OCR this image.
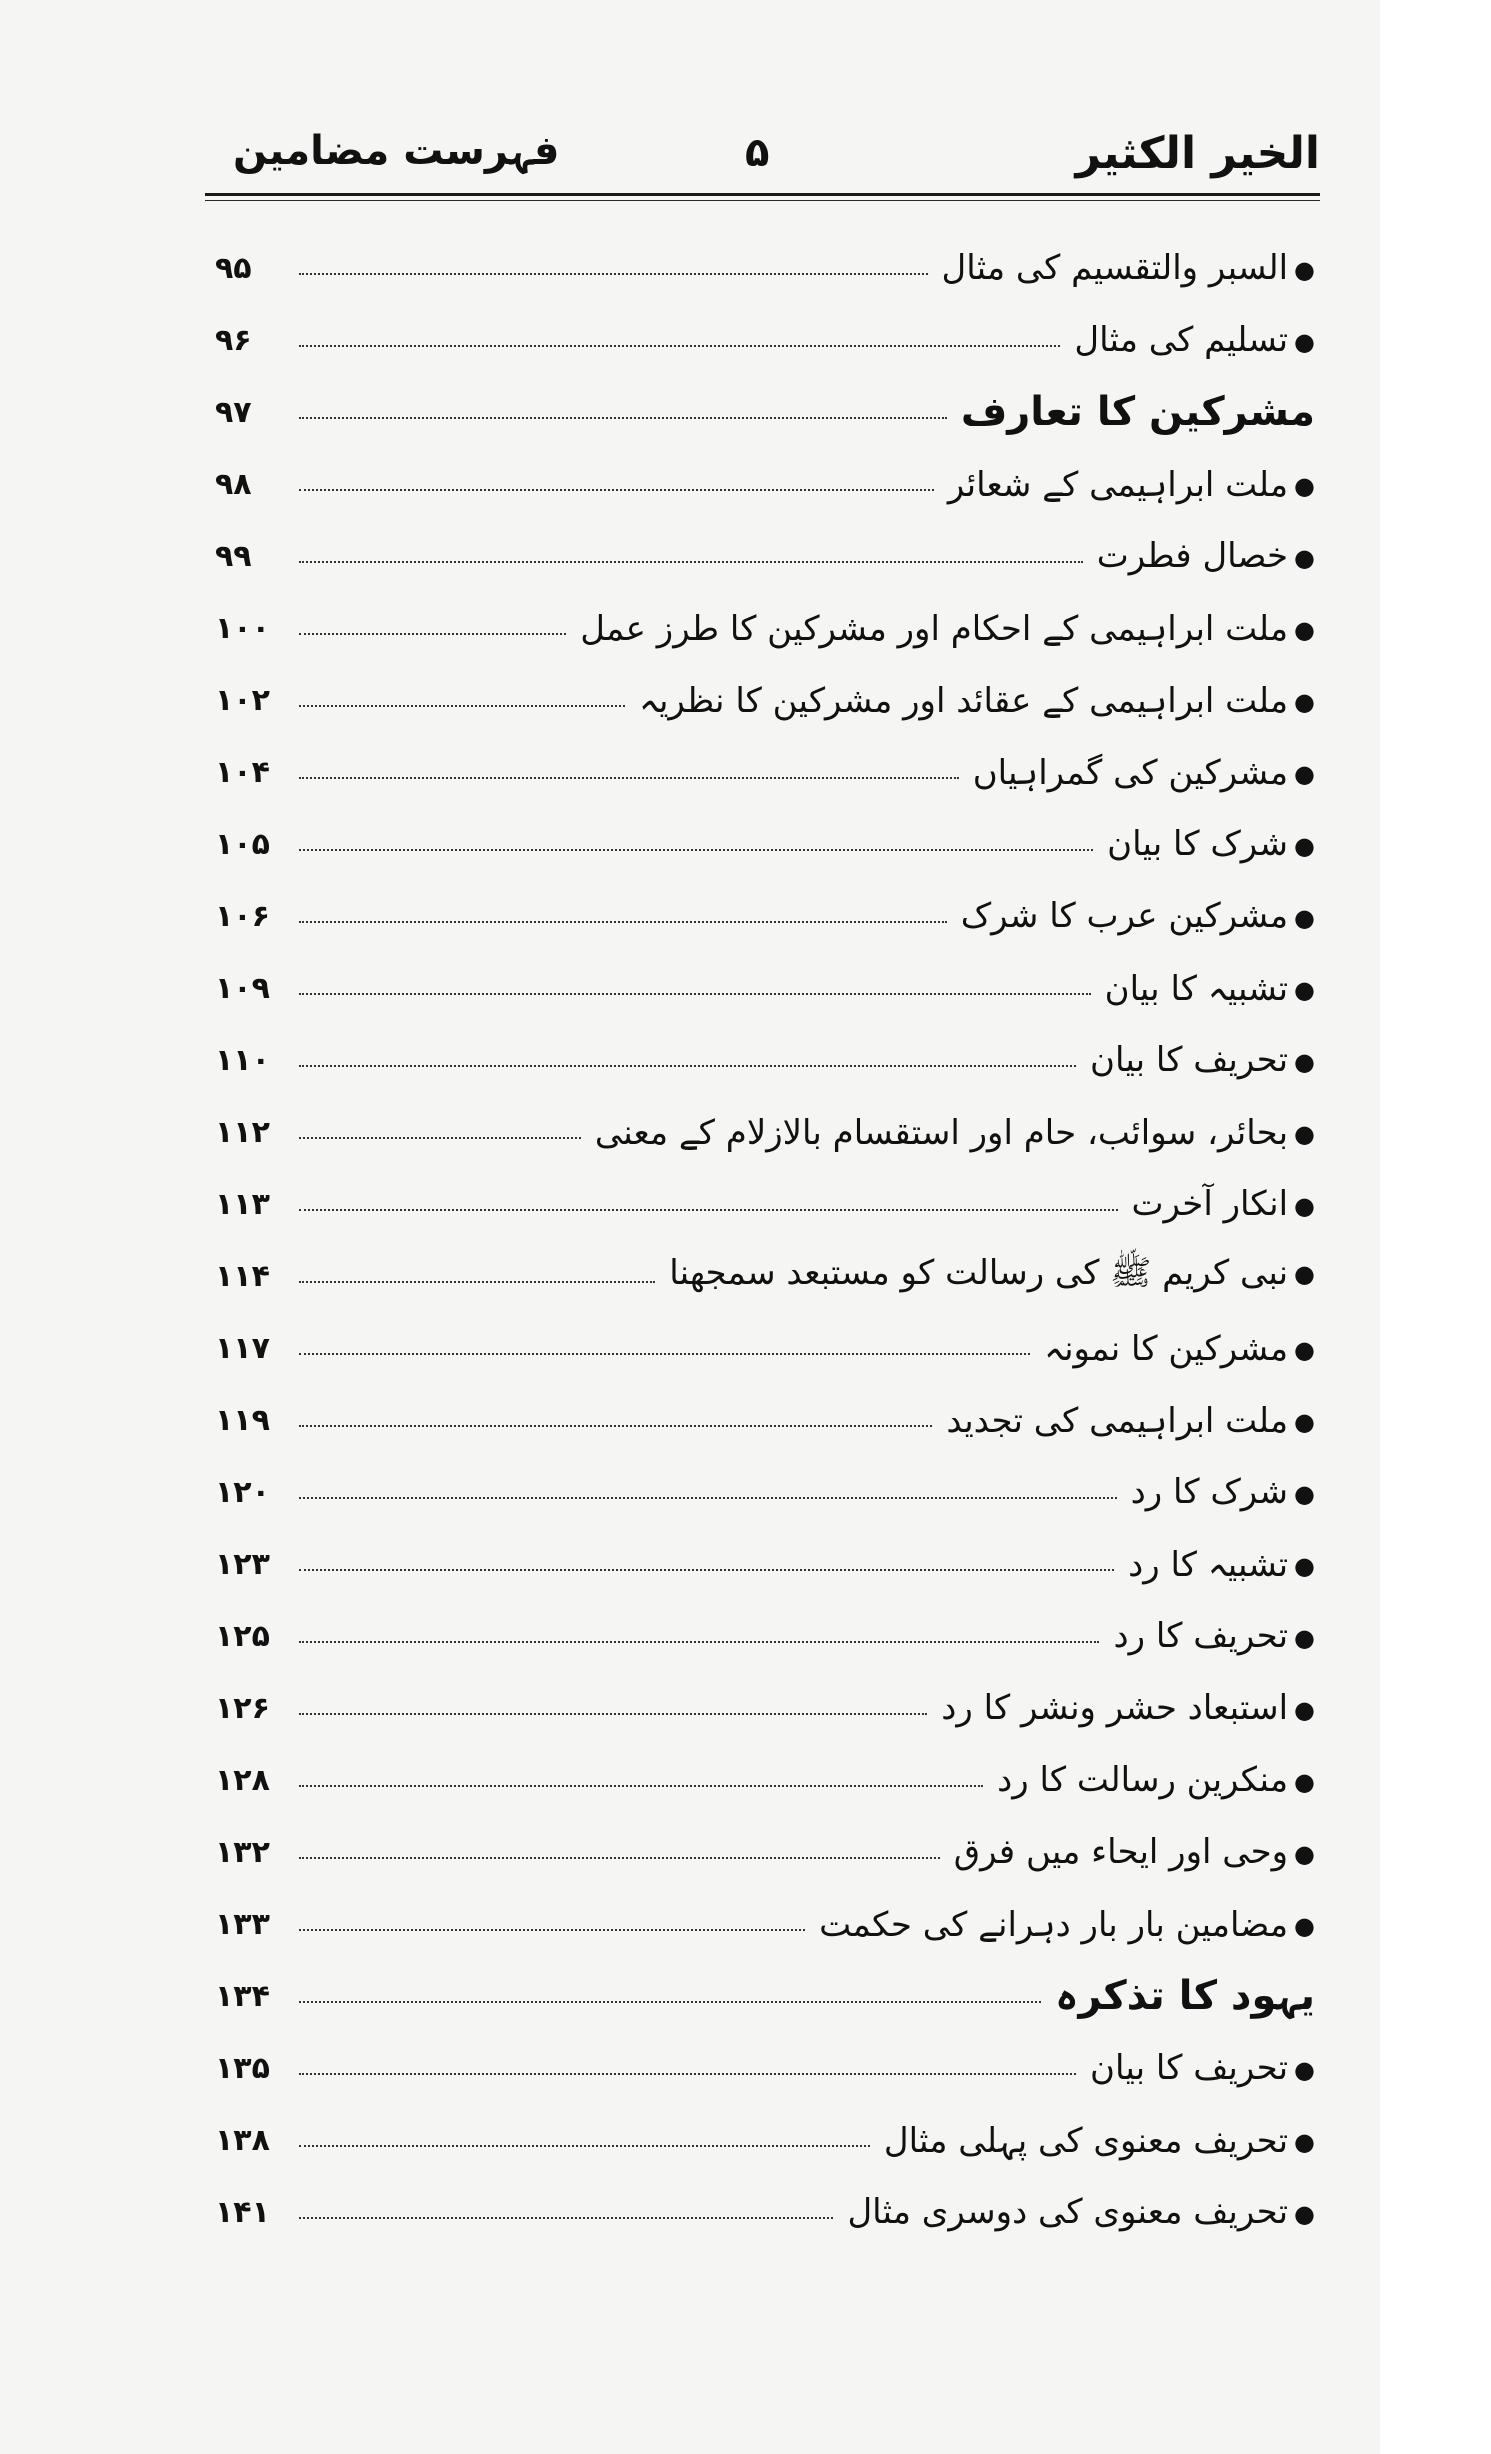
الخیر الکثیر
۵
فہرست مضامین
●السبر والتقسیم کی مثال
۹۵
●تسلیم کی مثال
۹۶
مشرکین کا تعارف
۹۷
●ملت ابراہیمی کے شعائر
۹۸
●خصال فطرت
۹۹
●ملت ابراہیمی کے احکام اور مشرکین کا طرز عمل
۱۰۰
●ملت ابراہیمی کے عقائد اور مشرکین کا نظریہ
۱۰۲
●مشرکین کی گمراہیاں
۱۰۴
●شرک کا بیان
۱۰۵
●مشرکین عرب کا شرک
۱۰۶
●تشبیہ کا بیان
۱۰۹
●تحریف کا بیان
۱۱۰
●بحائر، سوائب، حام اور استقسام بالازلام کے معنی
۱۱۲
●انکار آخرت
۱۱۳
●نبی کریم ﷺ کی رسالت کو مستبعد سمجھنا
۱۱۴
●مشرکین کا نمونہ
۱۱۷
●ملت ابراہیمی کی تجدید
۱۱۹
●شرک کا رد
۱۲۰
●تشبیہ کا رد
۱۲۳
●تحریف کا رد
۱۲۵
●استبعاد حشر ونشر کا رد
۱۲۶
●منکرین رسالت کا رد
۱۲۸
●وحی اور ایحاء میں فرق
۱۳۲
●مضامین بار بار دہرانے کی حکمت
۱۳۳
یہود کا تذکرہ
۱۳۴
●تحریف کا بیان
۱۳۵
●تحریف معنوی کی پہلی مثال
۱۳۸
●تحریف معنوی کی دوسری مثال
۱۴۱
